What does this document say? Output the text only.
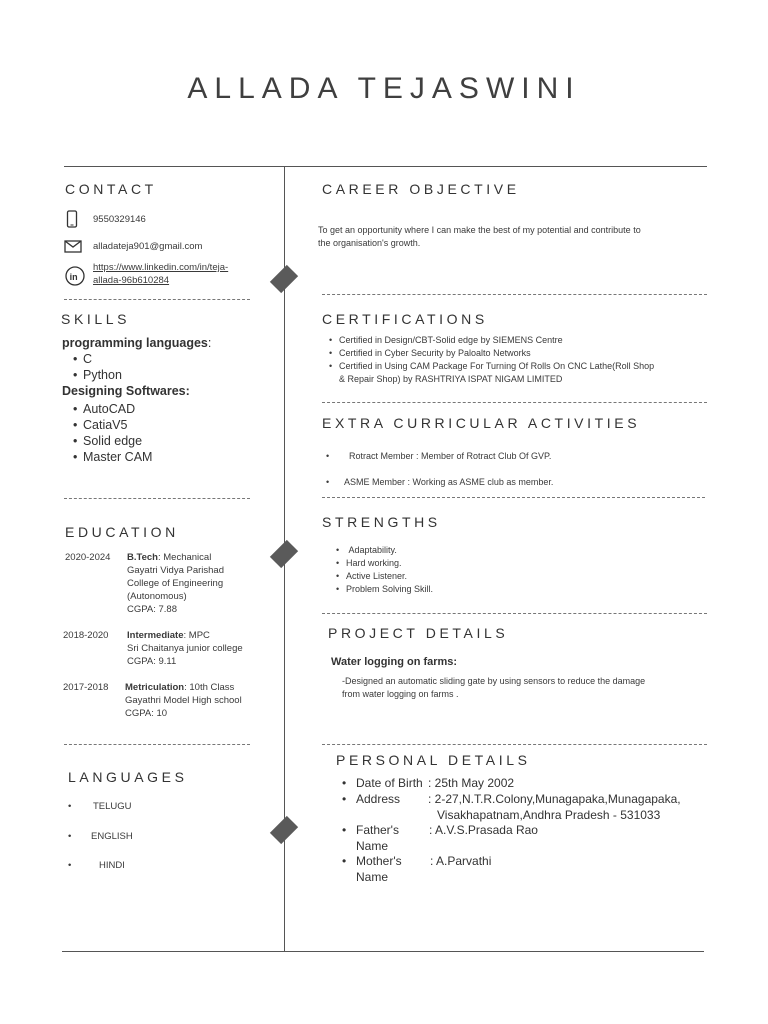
ALLADA TEJASWINI
CONTACT
9550329146
alladateja901@gmail.com
in
https://www.linkedin.com/in/teja-
allada-96b610284
SKILLS
programming languages:
• C
• Python
Designing Softwares:
• AutoCAD
• CatiaV5
• Solid edge
• Master CAM
EDUCATION
2020-2024 B.Tech: Mechanical
Gayatri Vidya Parishad
College of Engineering
(Autonomous)
CGPA: 7.88
2018-2020 Intermediate: MPC
Sri Chaitanya junior college
CGPA: 9.11
2017-2018 Metriculation: 10th Class
Gayathri Model High school
CGPA: 10
LANGUAGES
• TELUGU
• ENGLISH
•	HINDI
CAREER OBJECTIVE
To get an opportunity where I can make the best of my potential and contribute to
the organisation's growth.
CERTIFICATIONS
• Certified in Design/CBT-Solid edge by SIEMENS Centre
• Certified in Cyber Security by Paloalto Networks
• Certified in Using CAM Package For Turning Of Rolls On CNC Lathe(Roll Shop
& Repair Shop) by RASHTRIYA ISPAT NIGAM LIMITED
EXTRA CURRICULAR ACTIVITIES
• Rotract Member : Member of Rotract Club Of GVP.
• ASME Member : Working as ASME club as member.
STRENGTHS
• Adaptability.
• Hard working.
• Active Listener.
• Problem Solving Skill.
PROJECT DETAILS
Water logging on farms:
-Designed an automatic sliding gate by using sensors to reduce the damage
from water logging on farms .
PERSONAL DETAILS
• Date of Birth : 25th May 2002
• Address : 2-27,N.T.R.Colony,Munagapaka,Munagapaka,
Visakhapatnam,Andhra Pradesh - 531033
• Father's
Name
: A.V.S.Prasada Rao
• Mother's
Name
: A.Parvathi
